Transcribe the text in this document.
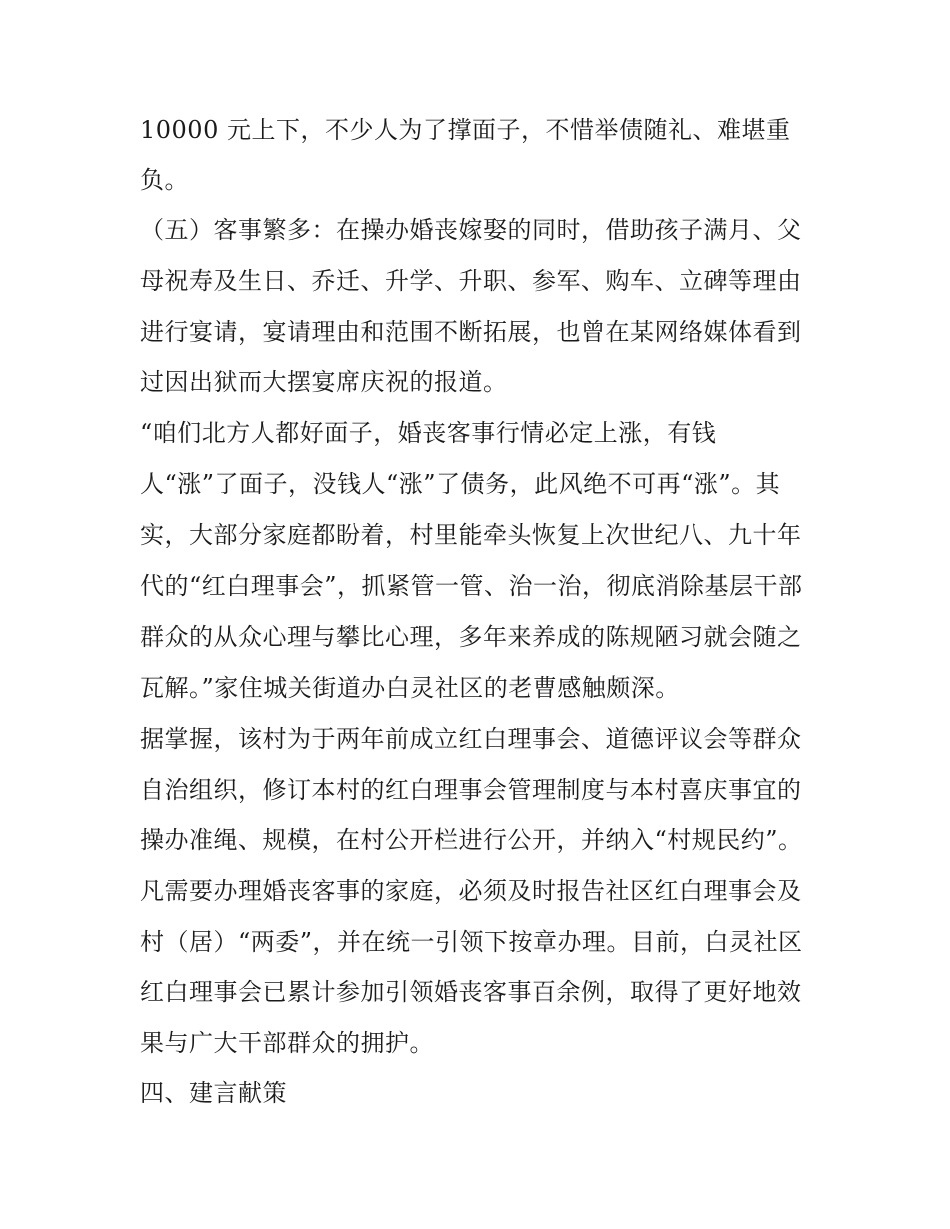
10000 元上下，不少人为了撑面子，不惜举债随礼、难堪重
负。
（五）客事繁多：在操办婚丧嫁娶的同时，借助孩子满月、父
母祝寿及生日、乔迁、升学、升职、参军、购车、立碑等理由
进行宴请，宴请理由和范围不断拓展，也曾在某网络媒体看到
过因出狱而大摆宴席庆祝的报道。
“咱们北方人都好面子，婚丧客事行情必定上涨，有钱
人“涨”了面子，没钱人“涨”了债务，此风绝不可再“涨”。其
实，大部分家庭都盼着，村里能牵头恢复上次世纪八、九十年
代的“红白理事会”，抓紧管一管、治一治，彻底消除基层干部
群众的从众心理与攀比心理，多年来养成的陈规陋习就会随之
瓦解。”家住城关街道办白灵社区的老曹感触颇深。
据掌握，该村为于两年前成立红白理事会、道德评议会等群众
自治组织，修订本村的红白理事会管理制度与本村喜庆事宜的
操办准绳、规模，在村公开栏进行公开，并纳入“村规民约”。
凡需要办理婚丧客事的家庭，必须及时报告社区红白理事会及
村（居）“两委”，并在统一引领下按章办理。目前，白灵社区
红白理事会已累计参加引领婚丧客事百余例，取得了更好地效
果与广大干部群众的拥护。
四、建言献策
